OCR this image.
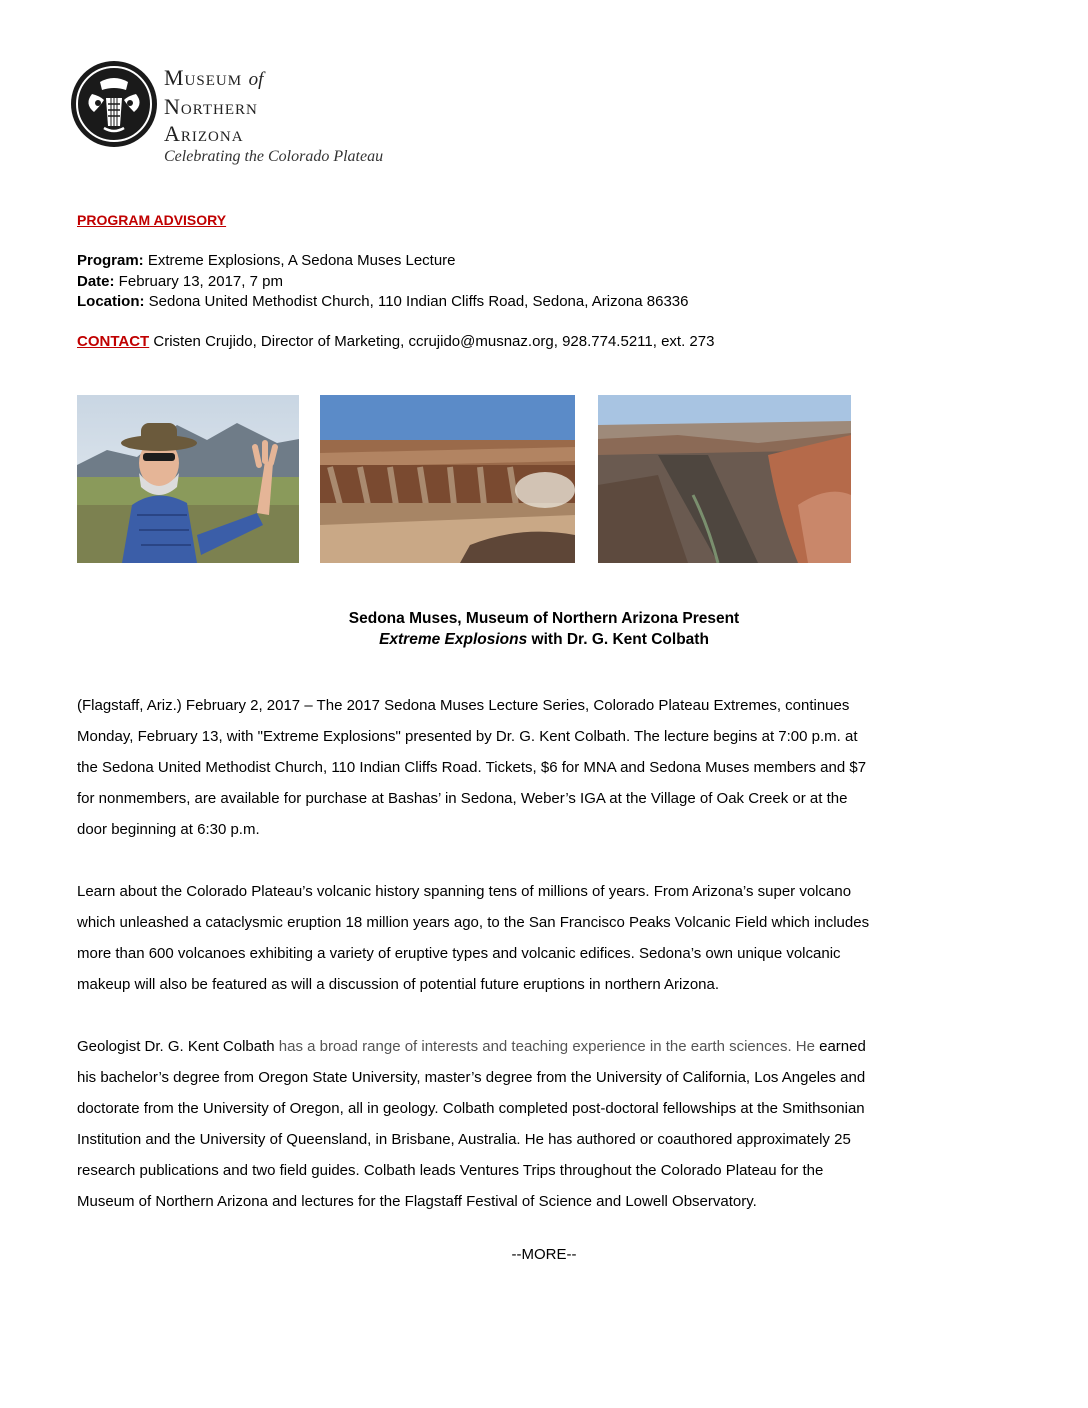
Museum of
Northern
Arizona
Celebrating the Colorado Plateau
PROGRAM ADVISORY
Program: Extreme Explosions, A Sedona Muses Lecture
Date: February 13, 2017, 7 pm
Location: Sedona United Methodist Church, 110 Indian Cliffs Road, Sedona, Arizona 86336
CONTACT Cristen Crujido, Director of Marketing, ccrujido@musnaz.org, 928.774.5211, ext. 273
Sedona Muses, Museum of Northern Arizona Present
Extreme Explosions with Dr. G. Kent Colbath

(Flagstaff, Ariz.) February 2, 2017 – The 2017 Sedona Muses Lecture Series, Colorado Plateau Extremes, continues
Monday, February 13, with "Extreme Explosions" presented by Dr. G. Kent Colbath. The lecture begins at 7:00 p.m. at
the Sedona United Methodist Church, 110 Indian Cliffs Road. Tickets, $6 for MNA and Sedona Muses members and $7
for nonmembers, are available for purchase at Bashas’ in Sedona, Weber’s IGA at the Village of Oak Creek or at the
door beginning at 6:30 p.m.

Learn about the Colorado Plateau’s volcanic history spanning tens of millions of years. From Arizona’s super volcano
which unleashed a cataclysmic eruption 18 million years ago, to the San Francisco Peaks Volcanic Field which includes
more than 600 volcanoes exhibiting a variety of eruptive types and volcanic edifices. Sedona’s own unique volcanic
makeup will also be featured as will a discussion of potential future eruptions in northern Arizona.

Geologist Dr. G. Kent Colbath has a broad range of interests and teaching experience in the earth sciences. He earned
his bachelor’s degree from Oregon State University, master’s degree from the University of California, Los Angeles and
doctorate from the University of Oregon, all in geology. Colbath completed post-doctoral fellowships at the Smithsonian
Institution and the University of Queensland, in Brisbane, Australia. He has authored or coauthored approximately 25
research publications and two field guides. Colbath leads Ventures Trips throughout the Colorado Plateau for the
Museum of Northern Arizona and lectures for the Flagstaff Festival of Science and Lowell Observatory.

--MORE--
